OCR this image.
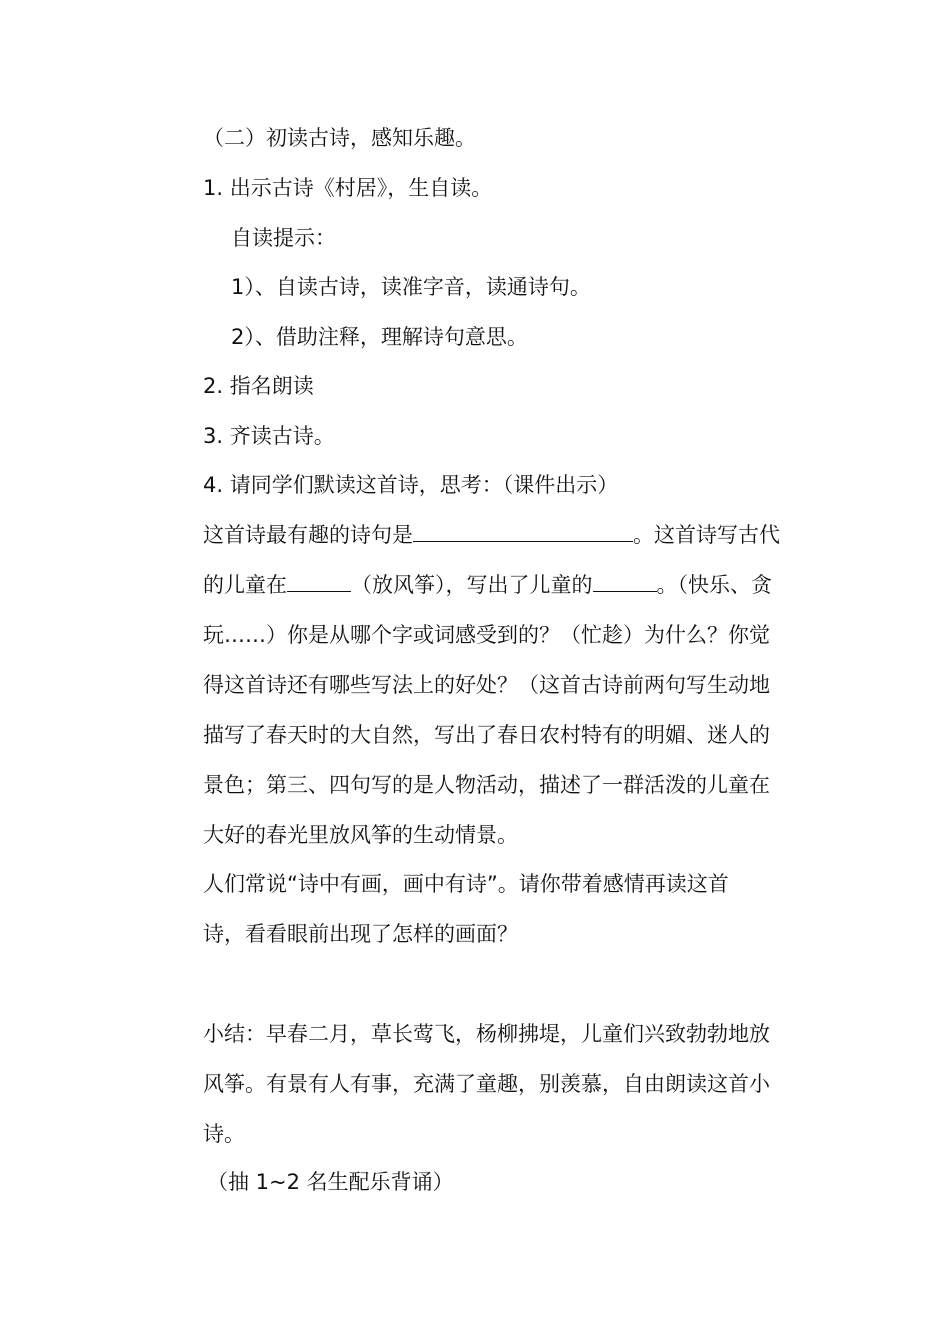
（二）初读古诗，感知乐趣。
1. 出示古诗《村居》，生自读。
自读提示：
1）、自读古诗，读准字音，读通诗句。
2）、借助注释，理解诗句意思。
2. 指名朗读
3. 齐读古诗。
4. 请同学们默读这首诗，思考：（课件出示）
这首诗最有趣的诗句是	。这首诗写古代
的儿童在	（放风筝），写出了儿童的	。（快乐、贪
玩……）你是从哪个字或词感受到的？（忙趁）为什么？你觉
得这首诗还有哪些写法上的好处？（这首古诗前两句写生动地
描写了春天时的大自然，写出了春日农村特有的明媚、迷人的
景色；第三、四句写的是人物活动，描述了一群活泼的儿童在
大好的春光里放风筝的生动情景。
人们常说“诗中有画，画中有诗”。请你带着感情再读这首
诗，看看眼前出现了怎样的画面？
小结：早春二月，草长莺飞，杨柳拂堤，儿童们兴致勃勃地放
风筝。有景有人有事，充满了童趣，别羡慕，自由朗读这首小
诗。
（抽 1~2 名生配乐背诵）
